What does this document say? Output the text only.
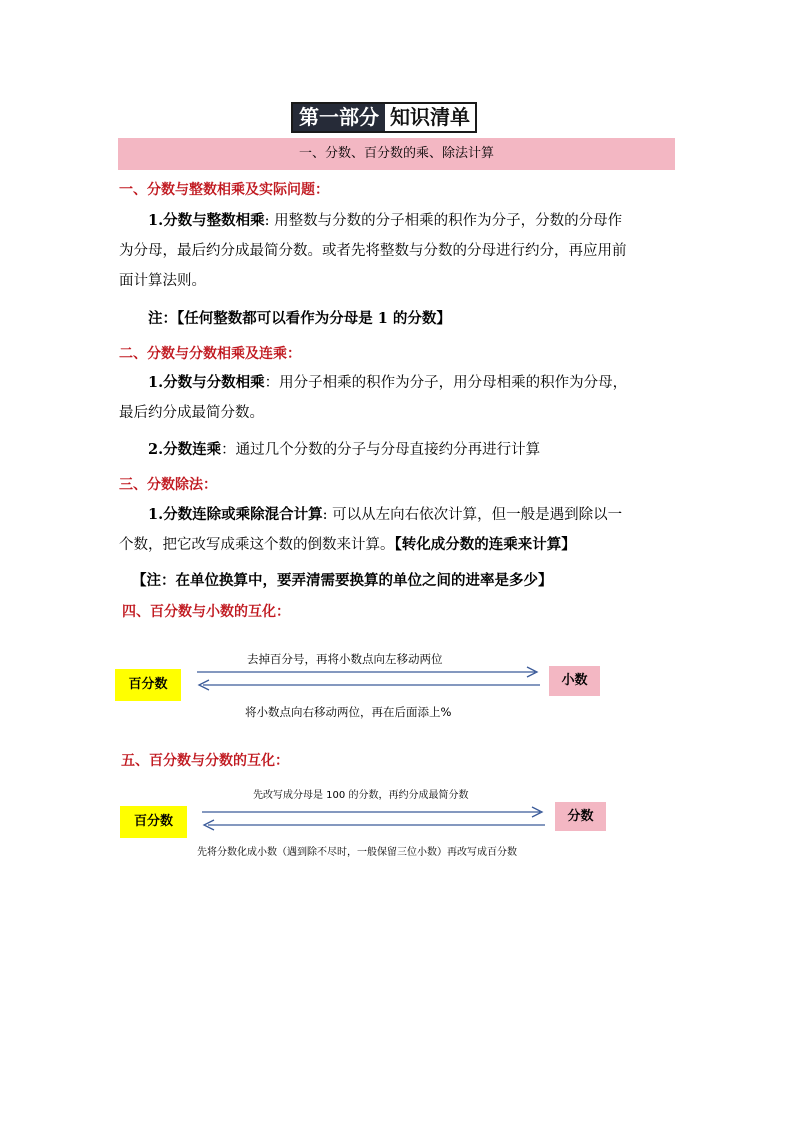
第一部分 知识清单
一、分数、百分数的乘、除法计算
一、分数与整数相乘及实际问题：
1.分数与整数相乘: 用整数与分数的分子相乘的积作为分子，分数的分母作
为分母，最后约分成最简分数。或者先将整数与分数的分母进行约分，再应用前
面计算法则。
注：【任何整数都可以看作为分母是 1 的分数】
二、分数与分数相乘及连乘：
1.分数与分数相乘：用分子相乘的积作为分子，用分母相乘的积作为分母，
最后约分成最简分数。
2.分数连乘：通过几个分数的分子与分母直接约分再进行计算
三、分数除法：
1.分数连除或乘除混合计算: 可以从左向右依次计算，但一般是遇到除以一
个数，把它改写成乘这个数的倒数来计算。【转化成分数的连乘来计算】
【注：在单位换算中，要弄清需要换算的单位之间的进率是多少】
四、百分数与小数的互化：
去掉百分号，再将小数点向左移动两位
百分数	小数
将小数点向右移动两位，再在后面添上%
五、百分数与分数的互化：
先改写成分母是 100 的分数，再约分成最简分数
百分数	分数
先将分数化成小数（遇到除不尽时，一般保留三位小数）再改写成百分数
